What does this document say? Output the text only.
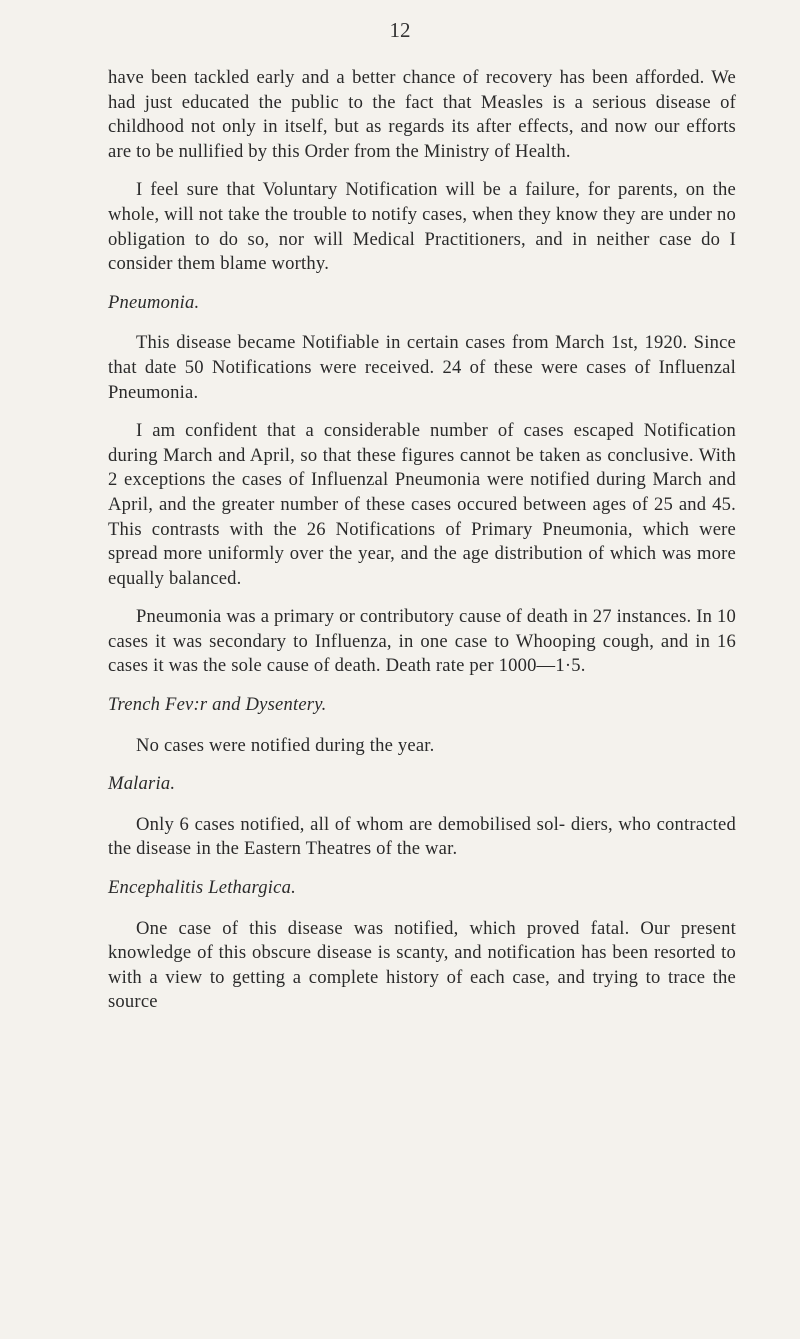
12

have been tackled early and a better chance of recovery has been afforded. We had just educated the public to the fact that Measles is a serious disease of childhood not only in itself, but as regards its after effects, and now our efforts are to be nullified by this Order from the Ministry of Health.

I feel sure that Voluntary Notification will be a failure, for parents, on the whole, will not take the trouble to notify cases, when they know they are under no obligation to do so, nor will Medical Practitioners, and in neither case do I consider them blame worthy.

Pneumonia.

This disease became Notifiable in certain cases from March 1st, 1920. Since that date 50 Notifications were received. 24 of these were cases of Influenzal Pneumonia.

I am confident that a considerable number of cases escaped Notification during March and April, so that these figures cannot be taken as conclusive. With 2 exceptions the cases of Influenzal Pneumonia were notified during March and April, and the greater number of these cases occured between ages of 25 and 45. This contrasts with the 26 Notifications of Primary Pneumonia, which were spread more uniformly over the year, and the age distribution of which was more equally balanced.

Pneumonia was a primary or contributory cause of death in 27 instances. In 10 cases it was secondary to Influenza, in one case to Whooping cough, and in 16 cases it was the sole cause of death. Death rate per 1000—1·5.

Trench Fev:r and Dysentery.

No cases were notified during the year.

Malaria.

Only 6 cases notified, all of whom are demobilised sol- diers, who contracted the disease in the Eastern Theatres of the war.

Encephalitis Lethargica.

One case of this disease was notified, which proved fatal. Our present knowledge of this obscure disease is scanty, and notification has been resorted to with a view to getting a complete history of each case, and trying to trace the source
